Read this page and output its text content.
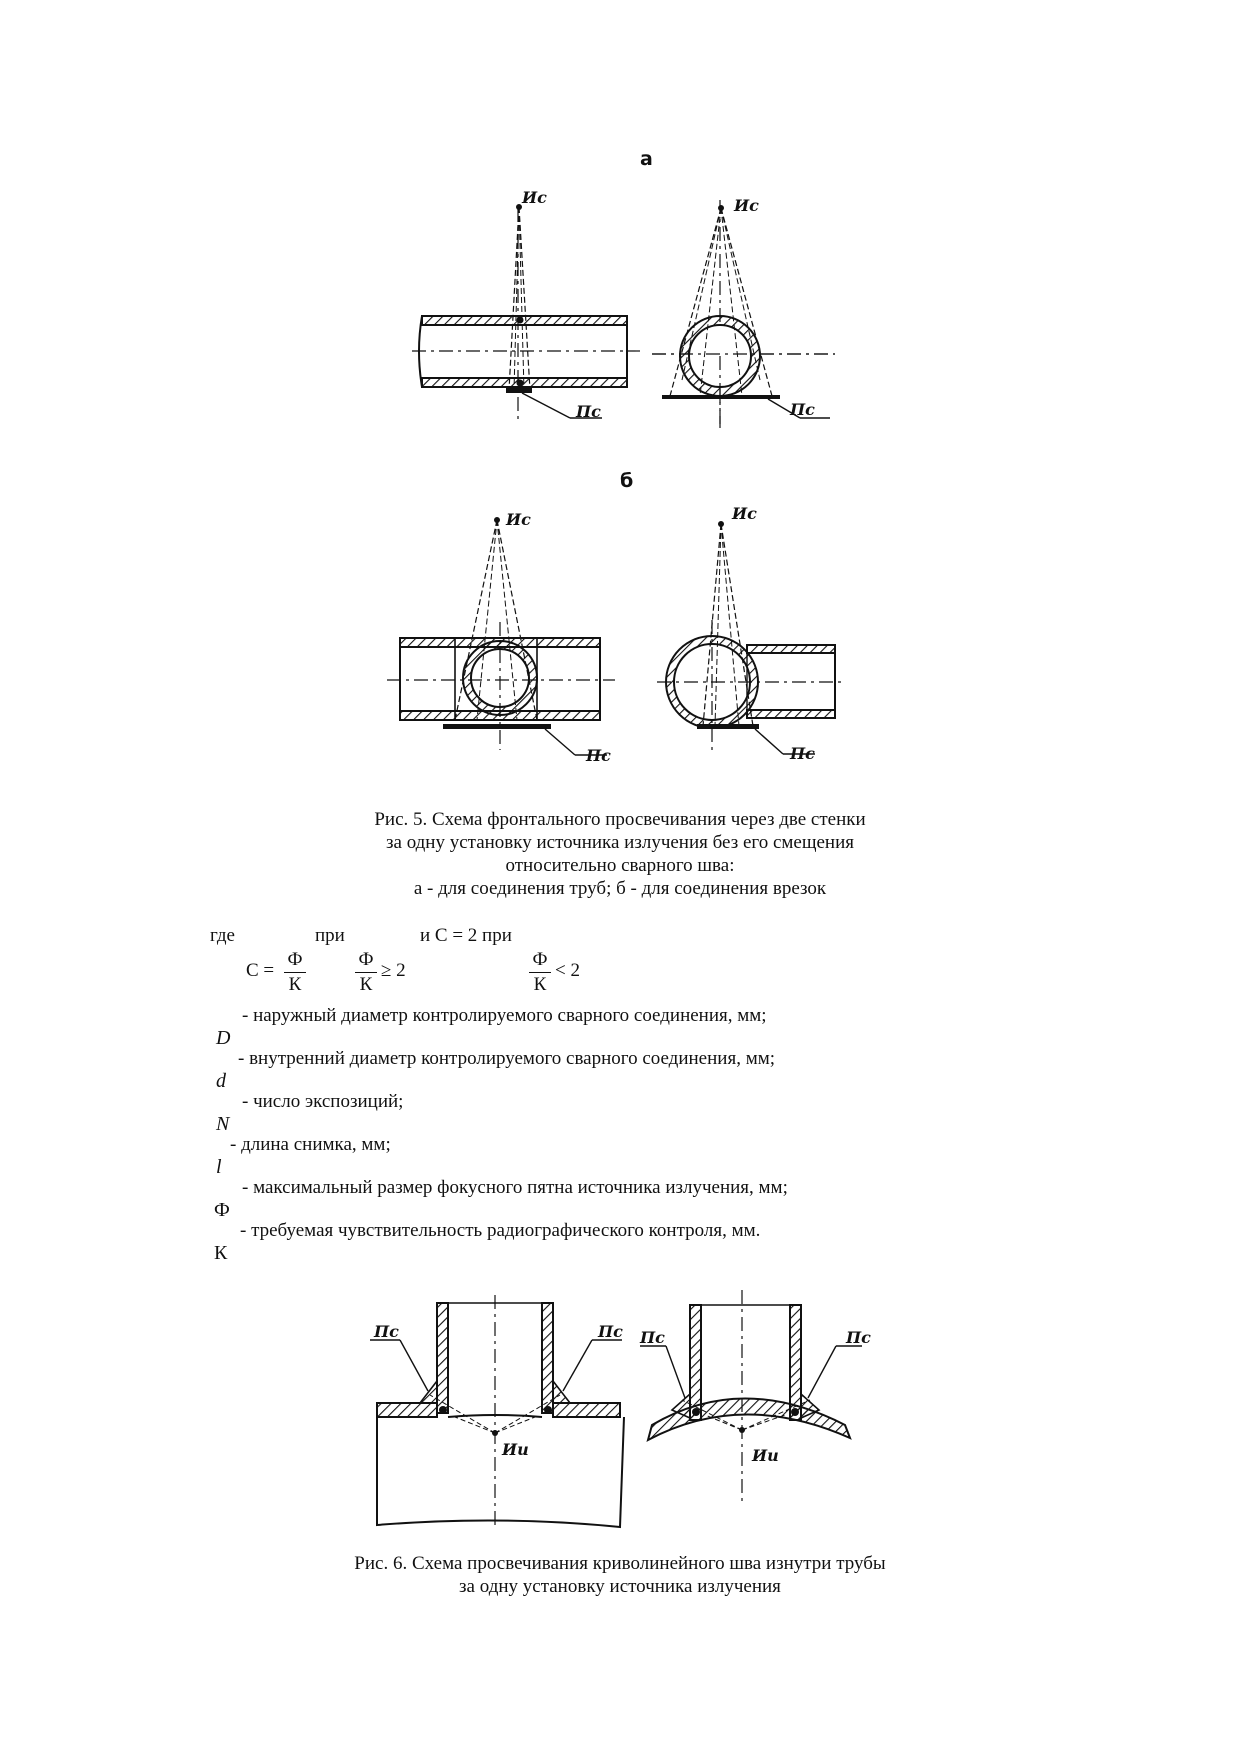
а
Ис
Пс
Ис
Пс
б
Ис
Пс
Ис
Пс
Рис. 5. Схема фронтального просвечивания через две стенки
за одну установку источника излучения без его смещения
относительно сварного шва:
а - для соединения труб; б - для соединения врезок
где	при	и С = 2 при
С =
Ф
К
Ф
К
≥ 2
Ф
К
< 2
- наружный диаметр контролируемого сварного соединения, мм;
D
- внутренний диаметр контролируемого сварного соединения, мм;
d
- число экспозиций;
N
- длина снимка, мм;
l
- максимальный размер фокусного пятна источника излучения, мм;
Ф
- требуемая чувствительность радиографического контроля, мм.
К
Пс	Пс
Ии
Пс	Пс
Ии
Рис. 6. Схема просвечивания криволинейного шва изнутри трубы
за одну установку источника излучения
